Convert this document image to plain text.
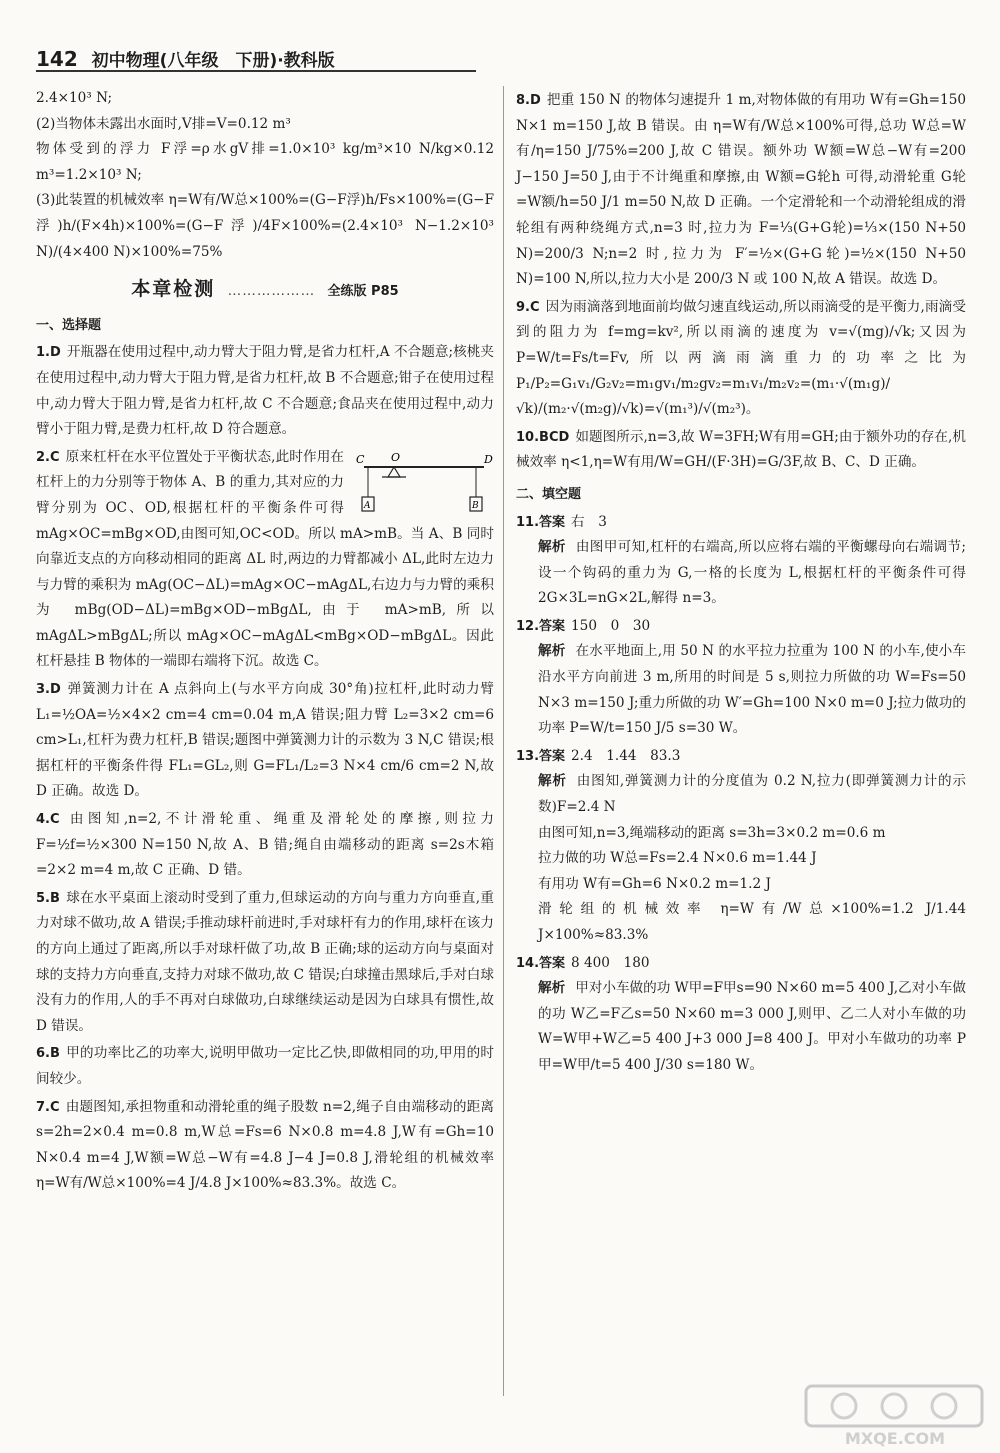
142 初中物理(八年级　下册)·教科版

2.4×10³ N;

(2)当物体未露出水面时,V排=V=0.12 m³

物体受到的浮力 F浮=ρ水gV排=1.0×10³ kg/m³×10 N/kg×0.12 m³=1.2×10³ N;

(3)此装置的机械效率 η=W有/W总×100%=(G−F浮)h/Fs×100%=(G−F浮)h/(F×4h)×100%=(G−F浮)/4F×100%=(2.4×10³ N−1.2×10³ N)/(4×400 N)×100%=75%

本章检测 ……………… 全练版 P85
一、选择题

1.D 开瓶器在使用过程中,动力臂大于阻力臂,是省力杠杆,A 不合题意;核桃夹在使用过程中,动力臂大于阻力臂,是省力杠杆,故 B 不合题意;钳子在使用过程中,动力臂大于阻力臂,是省力杠杆,故 C 不合题意;食品夹在使用过程中,动力臂小于阻力臂,是费力杠杆,故 D 符合题意。

C O	D
A	B
2.C 原来杠杆在水平位置处于平衡状态,此时作用在杠杆上的力分别等于物体 A、B 的重力,其对应的力臂分别为 OC、OD,根据杠杆的平衡条件可得 mAg×OC=mBg×OD,由图可知,OC<OD。所以 mA>mB。当 A、B 同时向靠近支点的方向移动相同的距离 ΔL 时,两边的力臂都减小 ΔL,此时左边力与力臂的乘积为 mAg(OC−ΔL)=mAg×OC−mAgΔL,右边力与力臂的乘积为 mBg(OD−ΔL)=mBg×OD−mBgΔL,由于 mA>mB,所以 mAgΔL>mBgΔL;所以 mAg×OC−mAgΔL<mBg×OD−mBgΔL。因此杠杆悬挂 B 物体的一端即右端将下沉。故选 C。

3.D 弹簧测力计在 A 点斜向上(与水平方向成 30°角)拉杠杆,此时动力臂 L₁=½OA=½×4×2 cm=4 cm=0.04 m,A 错误;阻力臂 L₂=3×2 cm=6 cm>L₁,杠杆为费力杠杆,B 错误;题图中弹簧测力计的示数为 3 N,C 错误;根据杠杆的平衡条件得 FL₁=GL₂,则 G=FL₁/L₂=3 N×4 cm/6 cm=2 N,故 D 正确。故选 D。

4.C 由图知,n=2,不计滑轮重、绳重及滑轮处的摩擦,则拉力 F=½f=½×300 N=150 N,故 A、B 错;绳自由端移动的距离 s=2s木箱=2×2 m=4 m,故 C 正确、D 错。

5.B 球在水平桌面上滚动时受到了重力,但球运动的方向与重力方向垂直,重力对球不做功,故 A 错误;手推动球杆前进时,手对球杆有力的作用,球杆在该力的方向上通过了距离,所以手对球杆做了功,故 B 正确;球的运动方向与桌面对球的支持力方向垂直,支持力对球不做功,故 C 错误;白球撞击黑球后,手对白球没有力的作用,人的手不再对白球做功,白球继续运动是因为白球具有惯性,故 D 错误。

6.B 甲的功率比乙的功率大,说明甲做功一定比乙快,即做相同的功,甲用的时间较少。

7.C 由题图知,承担物重和动滑轮重的绳子股数 n=2,绳子自由端移动的距离 s=2h=2×0.4 m=0.8 m,W总=Fs=6 N×0.8 m=4.8 J,W有=Gh=10 N×0.4 m=4 J,W额=W总−W有=4.8 J−4 J=0.8 J,滑轮组的机械效率 η=W有/W总×100%=4 J/4.8 J×100%≈83.3%。故选 C。

8.D 把重 150 N 的物体匀速提升 1 m,对物体做的有用功 W有=Gh=150 N×1 m=150 J,故 B 错误。由 η=W有/W总×100%可得,总功 W总=W有/η=150 J/75%=200 J,故 C 错误。额外功 W额=W总−W有=200 J−150 J=50 J,由于不计绳重和摩擦,由 W额=G轮h 可得,动滑轮重 G轮=W额/h=50 J/1 m=50 N,故 D 正确。一个定滑轮和一个动滑轮组成的滑轮组有两种绕绳方式,n=3 时,拉力为 F=⅓(G+G轮)=⅓×(150 N+50 N)=200/3 N;n=2 时,拉力为 F′=½×(G+G轮)=½×(150 N+50 N)=100 N,所以,拉力大小是 200/3 N 或 100 N,故 A 错误。故选 D。

9.C 因为雨滴落到地面前均做匀速直线运动,所以雨滴受的是平衡力,雨滴受到的阻力为 f=mg=kv²,所以雨滴的速度为 v=√(mg)/√k;又因为 P=W/t=Fs/t=Fv,所以两滴雨滴重力的功率之比为 P₁/P₂=G₁v₁/G₂v₂=m₁gv₁/m₂gv₂=m₁v₁/m₂v₂=(m₁·√(m₁g)/√k)/(m₂·√(m₂g)/√k)=√(m₁³)/√(m₂³)。

10.BCD 如题图所示,n=3,故 W=3FH;W有用=GH;由于额外功的存在,机械效率 η<1,η=W有用/W=GH/(F·3H)=G/3F,故 B、C、D 正确。

二、填空题

11.答案 右　3

解析 由图甲可知,杠杆的右端高,所以应将右端的平衡螺母向右端调节;设一个钩码的重力为 G,一格的长度为 L,根据杠杆的平衡条件可得 2G×3L=nG×2L,解得 n=3。

12.答案 150　0　30

解析 在水平地面上,用 50 N 的水平拉力拉重为 100 N 的小车,使小车沿水平方向前进 3 m,所用的时间是 5 s,则拉力所做的功 W=Fs=50 N×3 m=150 J;重力所做的功 W′=Gh=100 N×0 m=0 J;拉力做功的功率 P=W/t=150 J/5 s=30 W。

13.答案 2.4　1.44　83.3

解析 由图知,弹簧测力计的分度值为 0.2 N,拉力(即弹簧测力计的示数)F=2.4 N

由图可知,n=3,绳端移动的距离 s=3h=3×0.2 m=0.6 m

拉力做的功 W总=Fs=2.4 N×0.6 m=1.44 J

有用功 W有=Gh=6 N×0.2 m=1.2 J

滑轮组的机械效率 η=W有/W总×100%=1.2 J/1.44 J×100%≈83.3%

14.答案 8 400　180

解析 甲对小车做的功 W甲=F甲s=90 N×60 m=5 400 J,乙对小车做的功 W乙=F乙s=50 N×60 m=3 000 J,则甲、乙二人对小车做的功 W=W甲+W乙=5 400 J+3 000 J=8 400 J。甲对小车做功的功率 P甲=W甲/t=5 400 J/30 s=180 W。

MXQE.COM
